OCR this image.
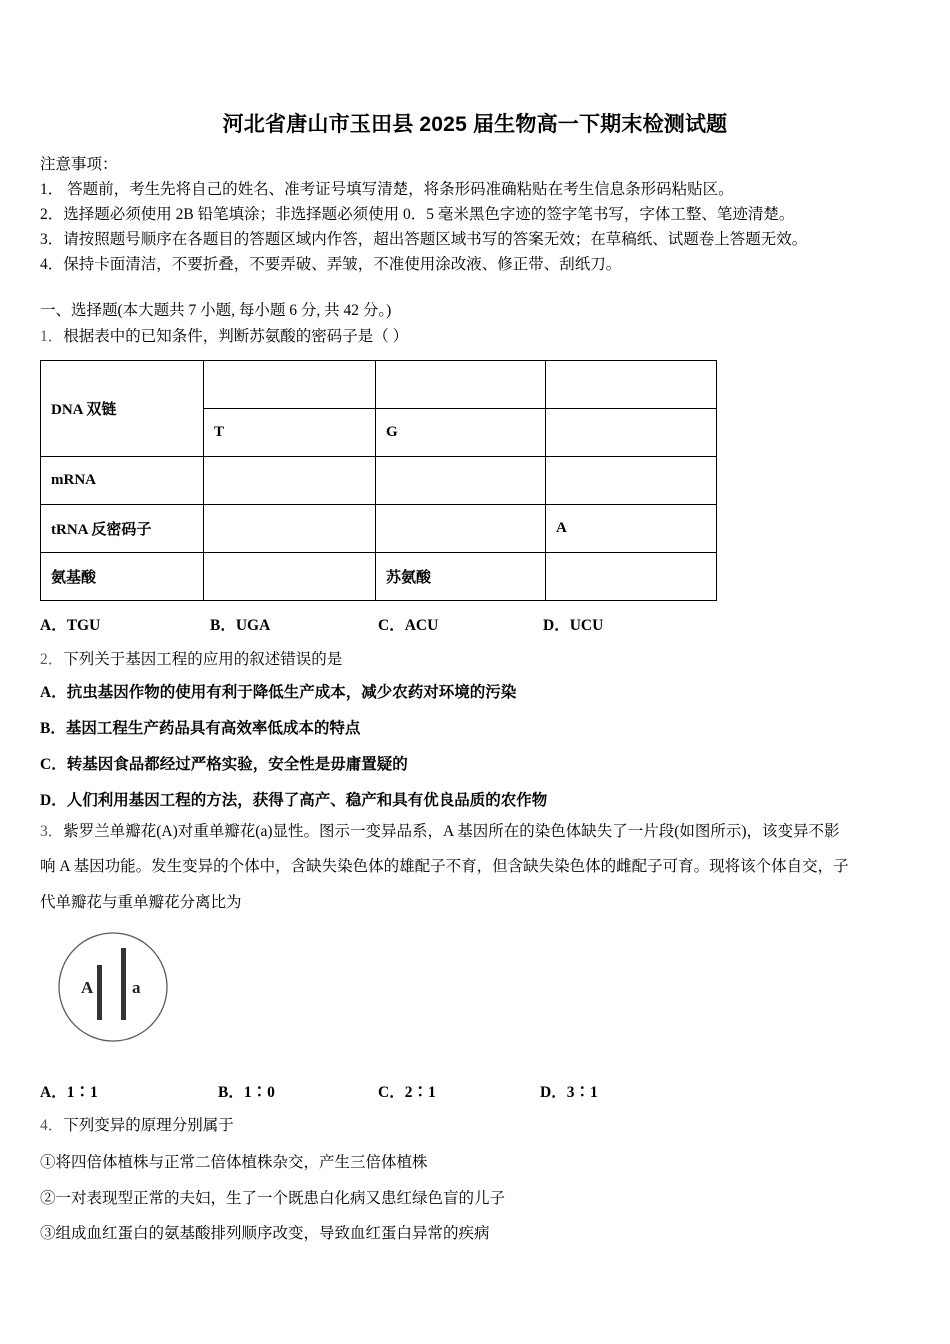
河北省唐山市玉田县 2025 届生物高一下期末检测试题
注意事项：
1． 答题前，考生先将自己的姓名、准考证号填写清楚，将条形码准确粘贴在考生信息条形码粘贴区。
2．选择题必须使用 2B 铅笔填涂；非选择题必须使用 0．5 毫米黑色字迹的签字笔书写，字体工整、笔迹清楚。
3．请按照题号顺序在各题目的答题区域内作答，超出答题区域书写的答案无效；在草稿纸、试题卷上答题无效。
4．保持卡面清洁，不要折叠，不要弄破、弄皱，不准使用涂改液、修正带、刮纸刀。
一、选择题(本大题共 7 小题, 每小题 6 分, 共 42 分。)
1．根据表中的已知条件，判断苏氨酸的密码子是（ ）
DNA 双链			
	T	G	
mRNA			
tRNA 反密码子			A
氨基酸		苏氨酸	
A．TGU	B．UGA	C．ACU	D．UCU
2．下列关于基因工程的应用的叙述错误的是
A．抗虫基因作物的使用有利于降低生产成本，减少农药对环境的污染
B．基因工程生产药品具有高效率低成本的特点
C．转基因食品都经过严格实验，安全性是毋庸置疑的
D．人们利用基因工程的方法，获得了高产、稳产和具有优良品质的农作物
3．紫罗兰单瓣花(A)对重单瓣花(a)显性。图示一变异品系，A 基因所在的染色体缺失了一片段(如图所示)，该变异不影
响 A 基因功能。发生变异的个体中，含缺失染色体的雄配子不育，但含缺失染色体的雌配子可育。现将该个体自交，子
代单瓣花与重单瓣花分离比为
A a
A．1∶1	B．1∶0	C．2∶1	D．3∶1
4．下列变异的原理分别属于
①将四倍体植株与正常二倍体植株杂交，产生三倍体植株
②一对表现型正常的夫妇，生了一个既患白化病又患红绿色盲的儿子
③组成血红蛋白的氨基酸排列顺序改变，导致血红蛋白异常的疾病
